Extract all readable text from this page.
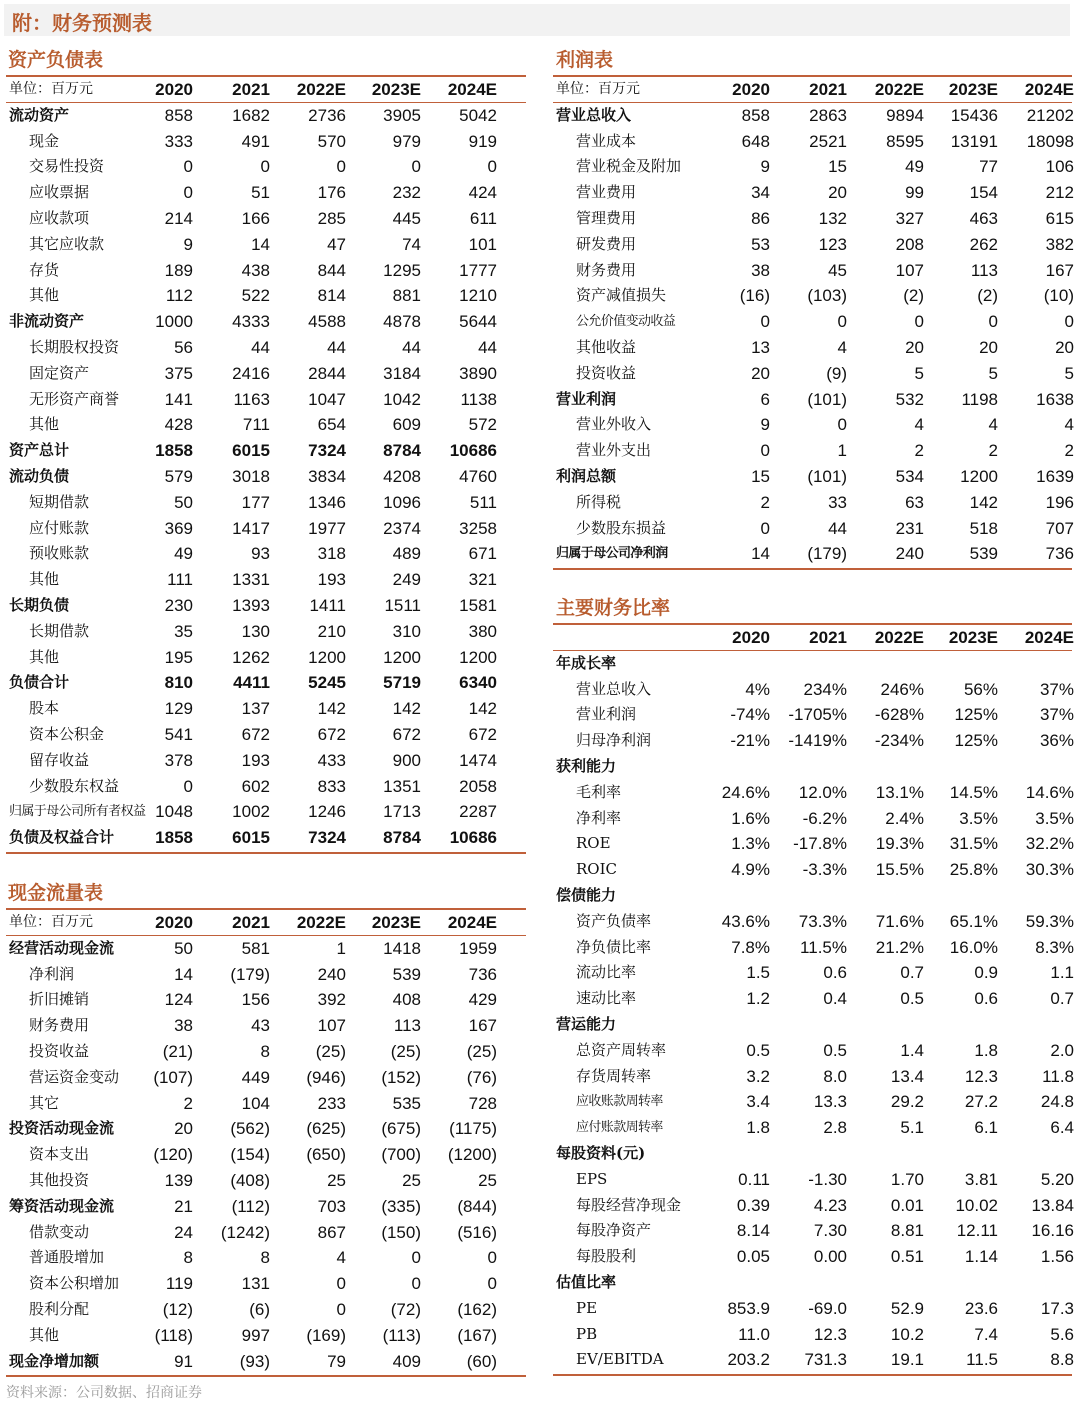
附：财务预测表
资产负债表
单位：百万元	2020	2021	2022E	2023E	2024E
流动资产	858	1682	2736	3905	5042
现金	333	491	570	979	919
交易性投资	0	0	0	0	0
应收票据	0	51	176	232	424
应收款项	214	166	285	445	611
其它应收款	9	14	47	74	101
存货	189	438	844	1295	1777
其他	112	522	814	881	1210
非流动资产	1000	4333	4588	4878	5644
长期股权投资	56	44	44	44	44
固定资产	375	2416	2844	3184	3890
无形资产商誉	141	1163	1047	1042	1138
其他	428	711	654	609	572
资产总计	1858	6015	7324	8784	10686
流动负债	579	3018	3834	4208	4760
短期借款	50	177	1346	1096	511
应付账款	369	1417	1977	2374	3258
预收账款	49	93	318	489	671
其他	111	1331	193	249	321
长期负债	230	1393	1411	1511	1581
长期借款	35	130	210	310	380
其他	195	1262	1200	1200	1200
负债合计	810	4411	5245	5719	6340
股本	129	137	142	142	142
资本公积金	541	672	672	672	672
留存收益	378	193	433	900	1474
少数股东权益	0	602	833	1351	2058
归属于母公司所有者权益 1048	1002	1246	1713	2287
负债及权益合计	1858	6015	7324	8784	10686
现金流量表
单位：百万元	2020	2021	2022E	2023E	2024E
经营活动现金流	50	581	1	1418	1959
净利润	14	(179)	240	539	736
折旧摊销	124	156	392	408	429
财务费用	38	43	107	113	167
投资收益	(21)	8	(25)	(25)	(25)
营运资金变动	(107)	449	(946)	(152)	(76)
其它	2	104	233	535	728
投资活动现金流	20	(562)	(625)	(675)	(1175)
资本支出	(120)	(154)	(650)	(700)	(1200)
其他投资	139	(408)	25	25	25
筹资活动现金流	21	(112)	703	(335)	(844)
借款变动	24	(1242)	867	(150)	(516)
普通股增加	8	8	4	0	0
资本公积增加	119	131	0	0	0
股利分配	(12)	(6)	0	(72)	(162)
其他	(118)	997	(169)	(113)	(167)
现金净增加额	91	(93)	79	409	(60)
利润表
单位：百万元	2020	2021	2022E	2023E	2024E
营业总收入	858	2863	9894	15436	21202
营业成本	648	2521	8595	13191	18098
营业税金及附加	9	15	49	77	106
营业费用	34	20	99	154	212
管理费用	86	132	327	463	615
研发费用	53	123	208	262	382
财务费用	38	45	107	113	167
资产减值损失	(16)	(103)	(2)	(2)	(10)
公允价值变动收益	0	0	0	0	0
其他收益	13	4	20	20	20
投资收益	20	(9)	5	5	5
营业利润	6	(101)	532	1198	1638
营业外收入	9	0	4	4	4
营业外支出	0	1	2	2	2
利润总额	15	(101)	534	1200	1639
所得税	2	33	63	142	196
少数股东损益	0	44	231	518	707
归属于母公司净利润	14	(179)	240	539	736
主要财务比率
2020	2021	2022E	2023E	2024E
年成长率
营业总收入	4%	234%	246%	56%	37%
营业利润	-74%	-1705%	-628%	125%	37%
归母净利润	-21%	-1419%	-234%	125%	36%
获利能力
毛利率	24.6%	12.0%	13.1%	14.5%	14.6%
净利率	1.6%	-6.2%	2.4%	3.5%	3.5%
ROE	1.3%	-17.8%	19.3%	31.5%	32.2%
ROIC	4.9%	-3.3%	15.5%	25.8%	30.3%
偿债能力
资产负债率	43.6%	73.3%	71.6%	65.1%	59.3%
净负债比率	7.8%	11.5%	21.2%	16.0%	8.3%
流动比率	1.5	0.6	0.7	0.9	1.1
速动比率	1.2	0.4	0.5	0.6	0.7
营运能力
总资产周转率	0.5	0.5	1.4	1.8	2.0
存货周转率	3.2	8.0	13.4	12.3	11.8
应收账款周转率	3.4	13.3	29.2	27.2	24.8
应付账款周转率	1.8	2.8	5.1	6.1	6.4
每股资料(元)
EPS	0.11	-1.30	1.70	3.81	5.20
每股经营净现金	0.39	4.23	0.01	10.02	13.84
每股净资产	8.14	7.30	8.81	12.11	16.16
每股股利	0.05	0.00	0.51	1.14	1.56
估值比率
PE	853.9	-69.0	52.9	23.6	17.3
PB	11.0	12.3	10.2	7.4	5.6
EV/EBITDA	203.2	731.3	19.1	11.5	8.8
资料来源：公司数据、招商证券
